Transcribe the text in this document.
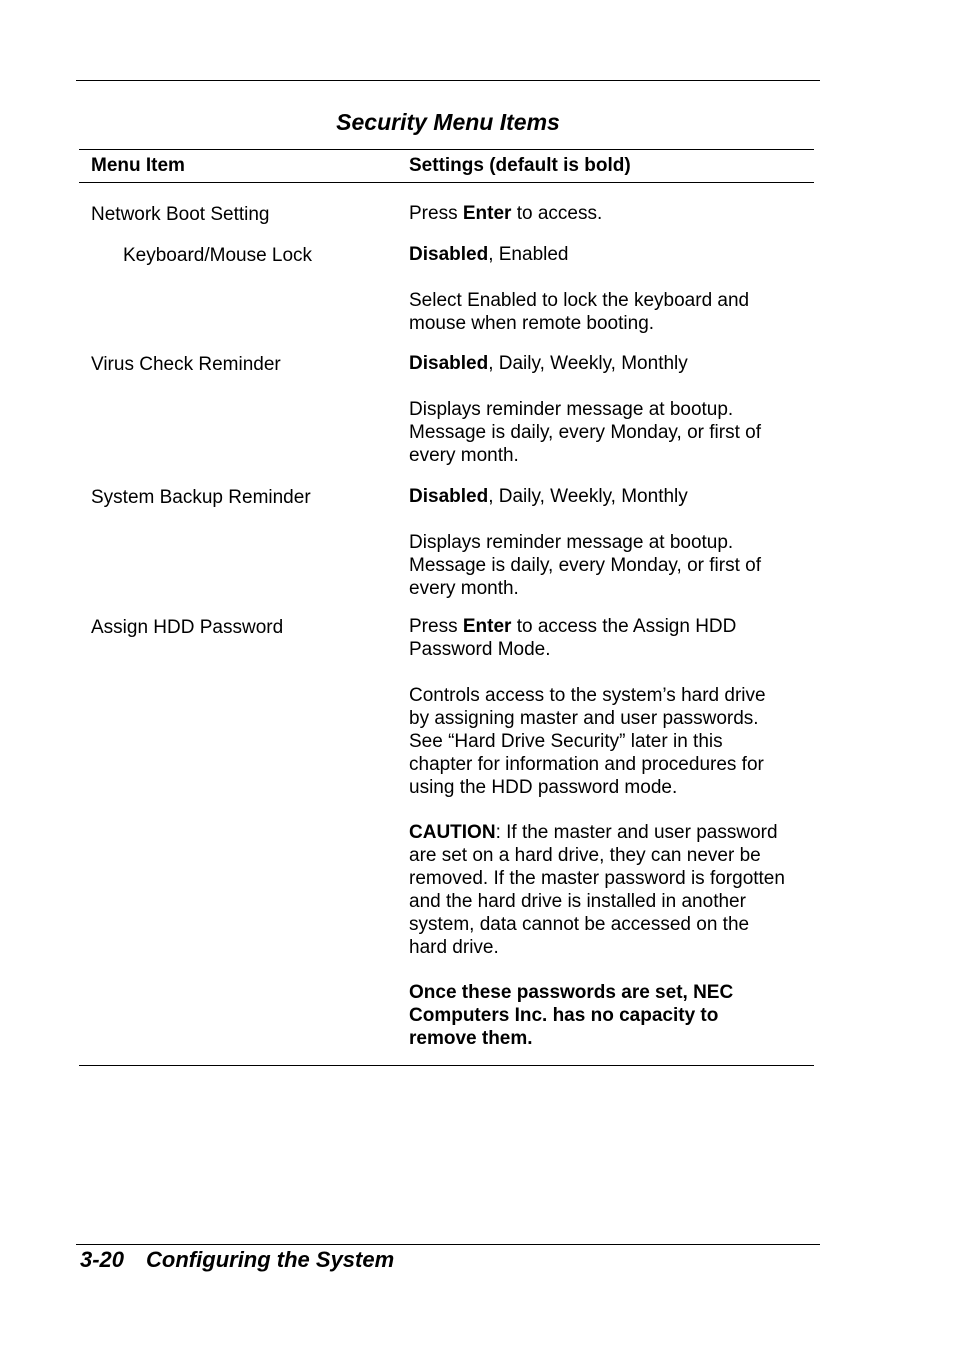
Security Menu Items
Menu Item	Settings (default is bold)
Network Boot Setting	Press Enter to access.
Keyboard/Mouse Lock	Disabled, Enabled
Select Enabled to lock the keyboard and
mouse when remote booting.
Virus Check Reminder	Disabled, Daily, Weekly, Monthly
Displays reminder message at bootup.
Message is daily, every Monday, or first of
every month.
System Backup Reminder	Disabled, Daily, Weekly, Monthly
Displays reminder message at bootup.
Message is daily, every Monday, or first of
every month.
Assign HDD Password	Press Enter to access the Assign HDD
Password Mode.
Controls access to the system’s hard drive
by assigning master and user passwords.
See “Hard Drive Security” later in this
chapter for information and procedures for
using the HDD password mode.
CAUTION: If the master and user password
are set on a hard drive, they can never be
removed. If the master password is forgotten
and the hard drive is installed in another
system, data cannot be accessed on the
hard drive.
Once these passwords are set, NEC
Computers Inc. has no capacity to
remove them.
3-20 Configuring the System
